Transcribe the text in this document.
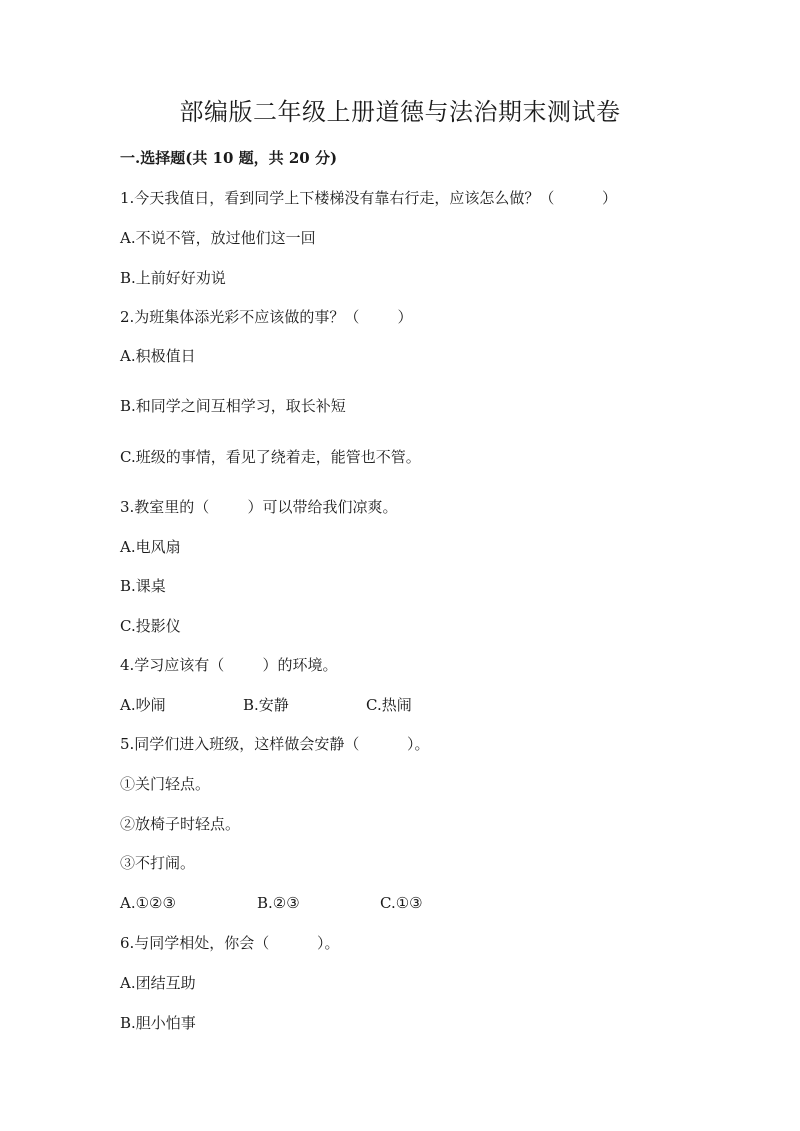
部编版二年级上册道德与法治期末测试卷
一.选择题(共 10 题，共 20 分)
1.今天我值日，看到同学上下楼梯没有靠右行走，应该怎么做？（          ）
A.不说不管，放过他们这一回
B.上前好好劝说
2.为班集体添光彩不应该做的事？（        ）
A.积极值日
B.和同学之间互相学习，取长补短
C.班级的事情，看见了绕着走，能管也不管。
3.教室里的（        ）可以带给我们凉爽。
A.电风扇
B.课桌
C.投影仪
4.学习应该有（        ）的环境。
A.吵闹	B.安静	C.热闹
5.同学们进入班级，这样做会安静（          ）。
①关门轻点。
②放椅子时轻点。
③不打闹。
A.①②③	B.②③	C.①③
6.与同学相处，你会（          ）。
A.团结互助
B.胆小怕事
